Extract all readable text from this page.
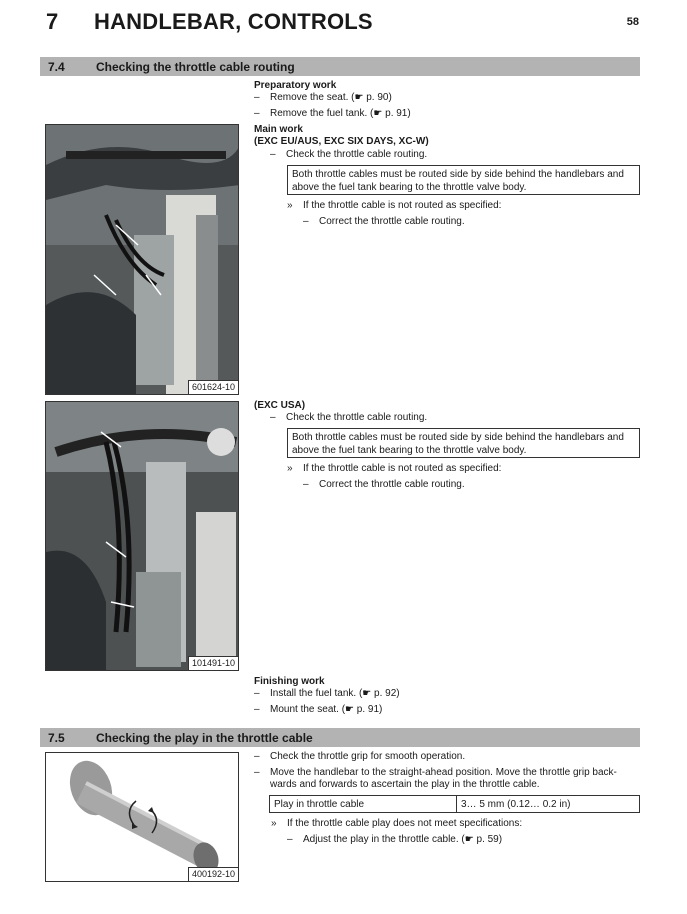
7 HANDLEBAR, CONTROLS	58
7.4	Checking the throttle cable routing
601624-10
Preparatory work
– Remove the seat. (☛ p. 90)
– Remove the fuel tank. (☛ p. 91)
Main work
(EXC EU/AUS, EXC SIX DAYS, XC-W)
– Check the throttle cable routing.
Both throttle cables must be routed side by side behind the handlebars and
above the fuel tank bearing to the throttle valve body.
» If the throttle cable is not routed as specified:
– Correct the throttle cable routing.
101491-10
(EXC USA)
– Check the throttle cable routing.
Both throttle cables must be routed side by side behind the handlebars and
above the fuel tank bearing to the throttle valve body.
» If the throttle cable is not routed as specified:
– Correct the throttle cable routing.
Finishing work
– Install the fuel tank. (☛ p. 92)
– Mount the seat. (☛ p. 91)
7.5	Checking the play in the throttle cable
400192-10
– Check the throttle grip for smooth operation.
– Move the handlebar to the straight-ahead position. Move the throttle grip back-
wards and forwards to ascertain the play in the throttle cable.
Play in throttle cable	3… 5 mm (0.12… 0.2 in)
» If the throttle cable play does not meet specifications:
– Adjust the play in the throttle cable. (☛ p. 59)
